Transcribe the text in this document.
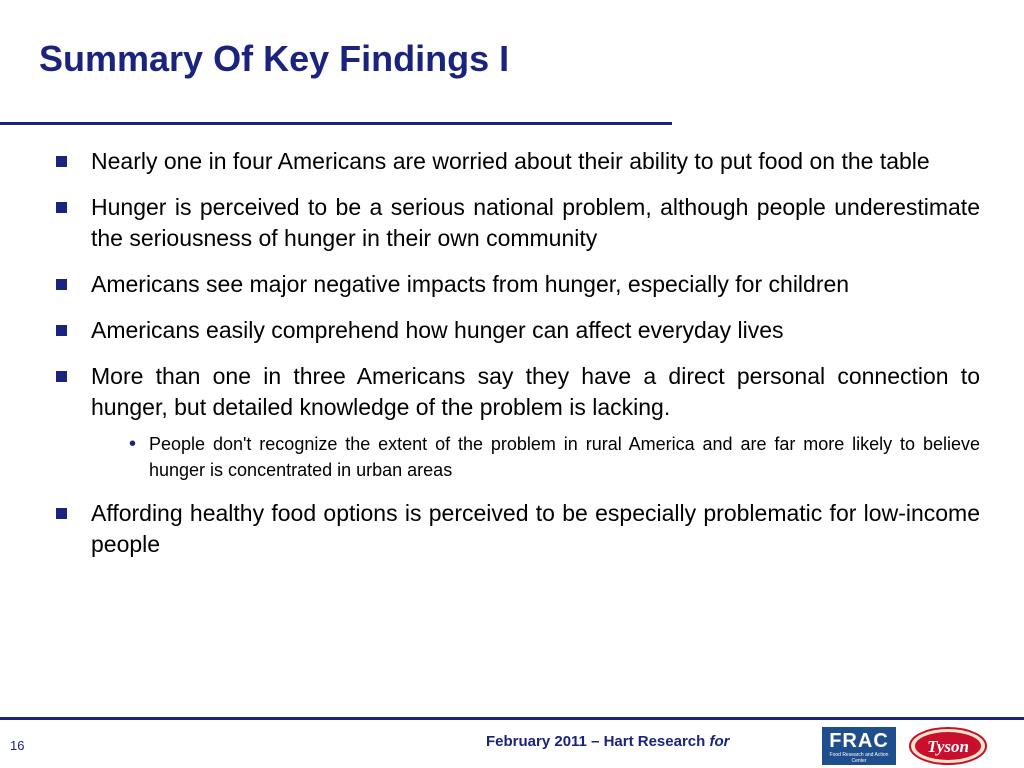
Summary Of Key Findings I
Nearly one in four Americans are worried about their ability to put food on the table
Hunger is perceived to be a serious national problem, although people underestimate the seriousness of hunger in their own community
Americans see major negative impacts from hunger, especially for children
Americans easily comprehend how hunger can affect everyday lives
More than one in three Americans say they have a direct personal connection to hunger, but detailed knowledge of the problem is lacking.
• People don't recognize the extent of the problem in rural America and are far more likely to believe hunger is concentrated in urban areas
Affording healthy food options is perceived to be especially problematic for low-income people
16	February 2011 – Hart Research for	FRAC
Food Research and Action Center
Tyson
